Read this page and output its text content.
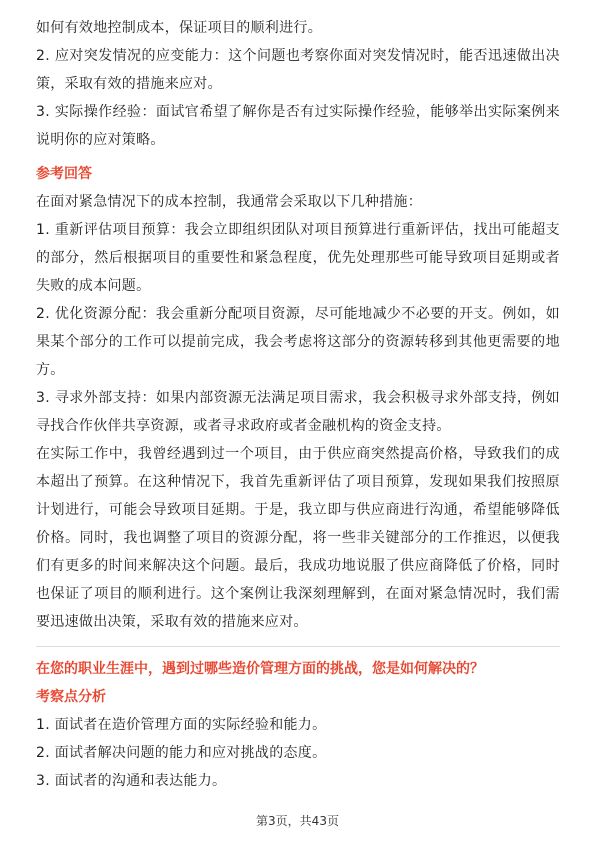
如何有效地控制成本，保证项目的顺利进行。

2. 应对突发情况的应变能力：这个问题也考察你面对突发情况时，能否迅速做出决策，采取有效的措施来应对。

3. 实际操作经验：面试官希望了解你是否有过实际操作经验，能够举出实际案例来说明你的应对策略。

参考回答

在面对紧急情况下的成本控制，我通常会采取以下几种措施：

1. 重新评估项目预算：我会立即组织团队对项目预算进行重新评估，找出可能超支的部分，然后根据项目的重要性和紧急程度，优先处理那些可能导致项目延期或者失败的成本问题。

2. 优化资源分配：我会重新分配项目资源，尽可能地减少不必要的开支。例如，如果某个部分的工作可以提前完成，我会考虑将这部分的资源转移到其他更需要的地方。

3. 寻求外部支持：如果内部资源无法满足项目需求，我会积极寻求外部支持，例如寻找合作伙伴共享资源，或者寻求政府或者金融机构的资金支持。

在实际工作中，我曾经遇到过一个项目，由于供应商突然提高价格，导致我们的成本超出了预算。在这种情况下，我首先重新评估了项目预算，发现如果我们按照原计划进行，可能会导致项目延期。于是，我立即与供应商进行沟通，希望能够降低价格。同时，我也调整了项目的资源分配，将一些非关键部分的工作推迟，以便我们有更多的时间来解决这个问题。最后，我成功地说服了供应商降低了价格，同时也保证了项目的顺利进行。这个案例让我深刻理解到，在面对紧急情况时，我们需要迅速做出决策，采取有效的措施来应对。

在您的职业生涯中，遇到过哪些造价管理方面的挑战，您是如何解决的？

考察点分析

1. 面试者在造价管理方面的实际经验和能力。

2. 面试者解决问题的能力和应对挑战的态度。

3. 面试者的沟通和表达能力。

第3页，共43页
